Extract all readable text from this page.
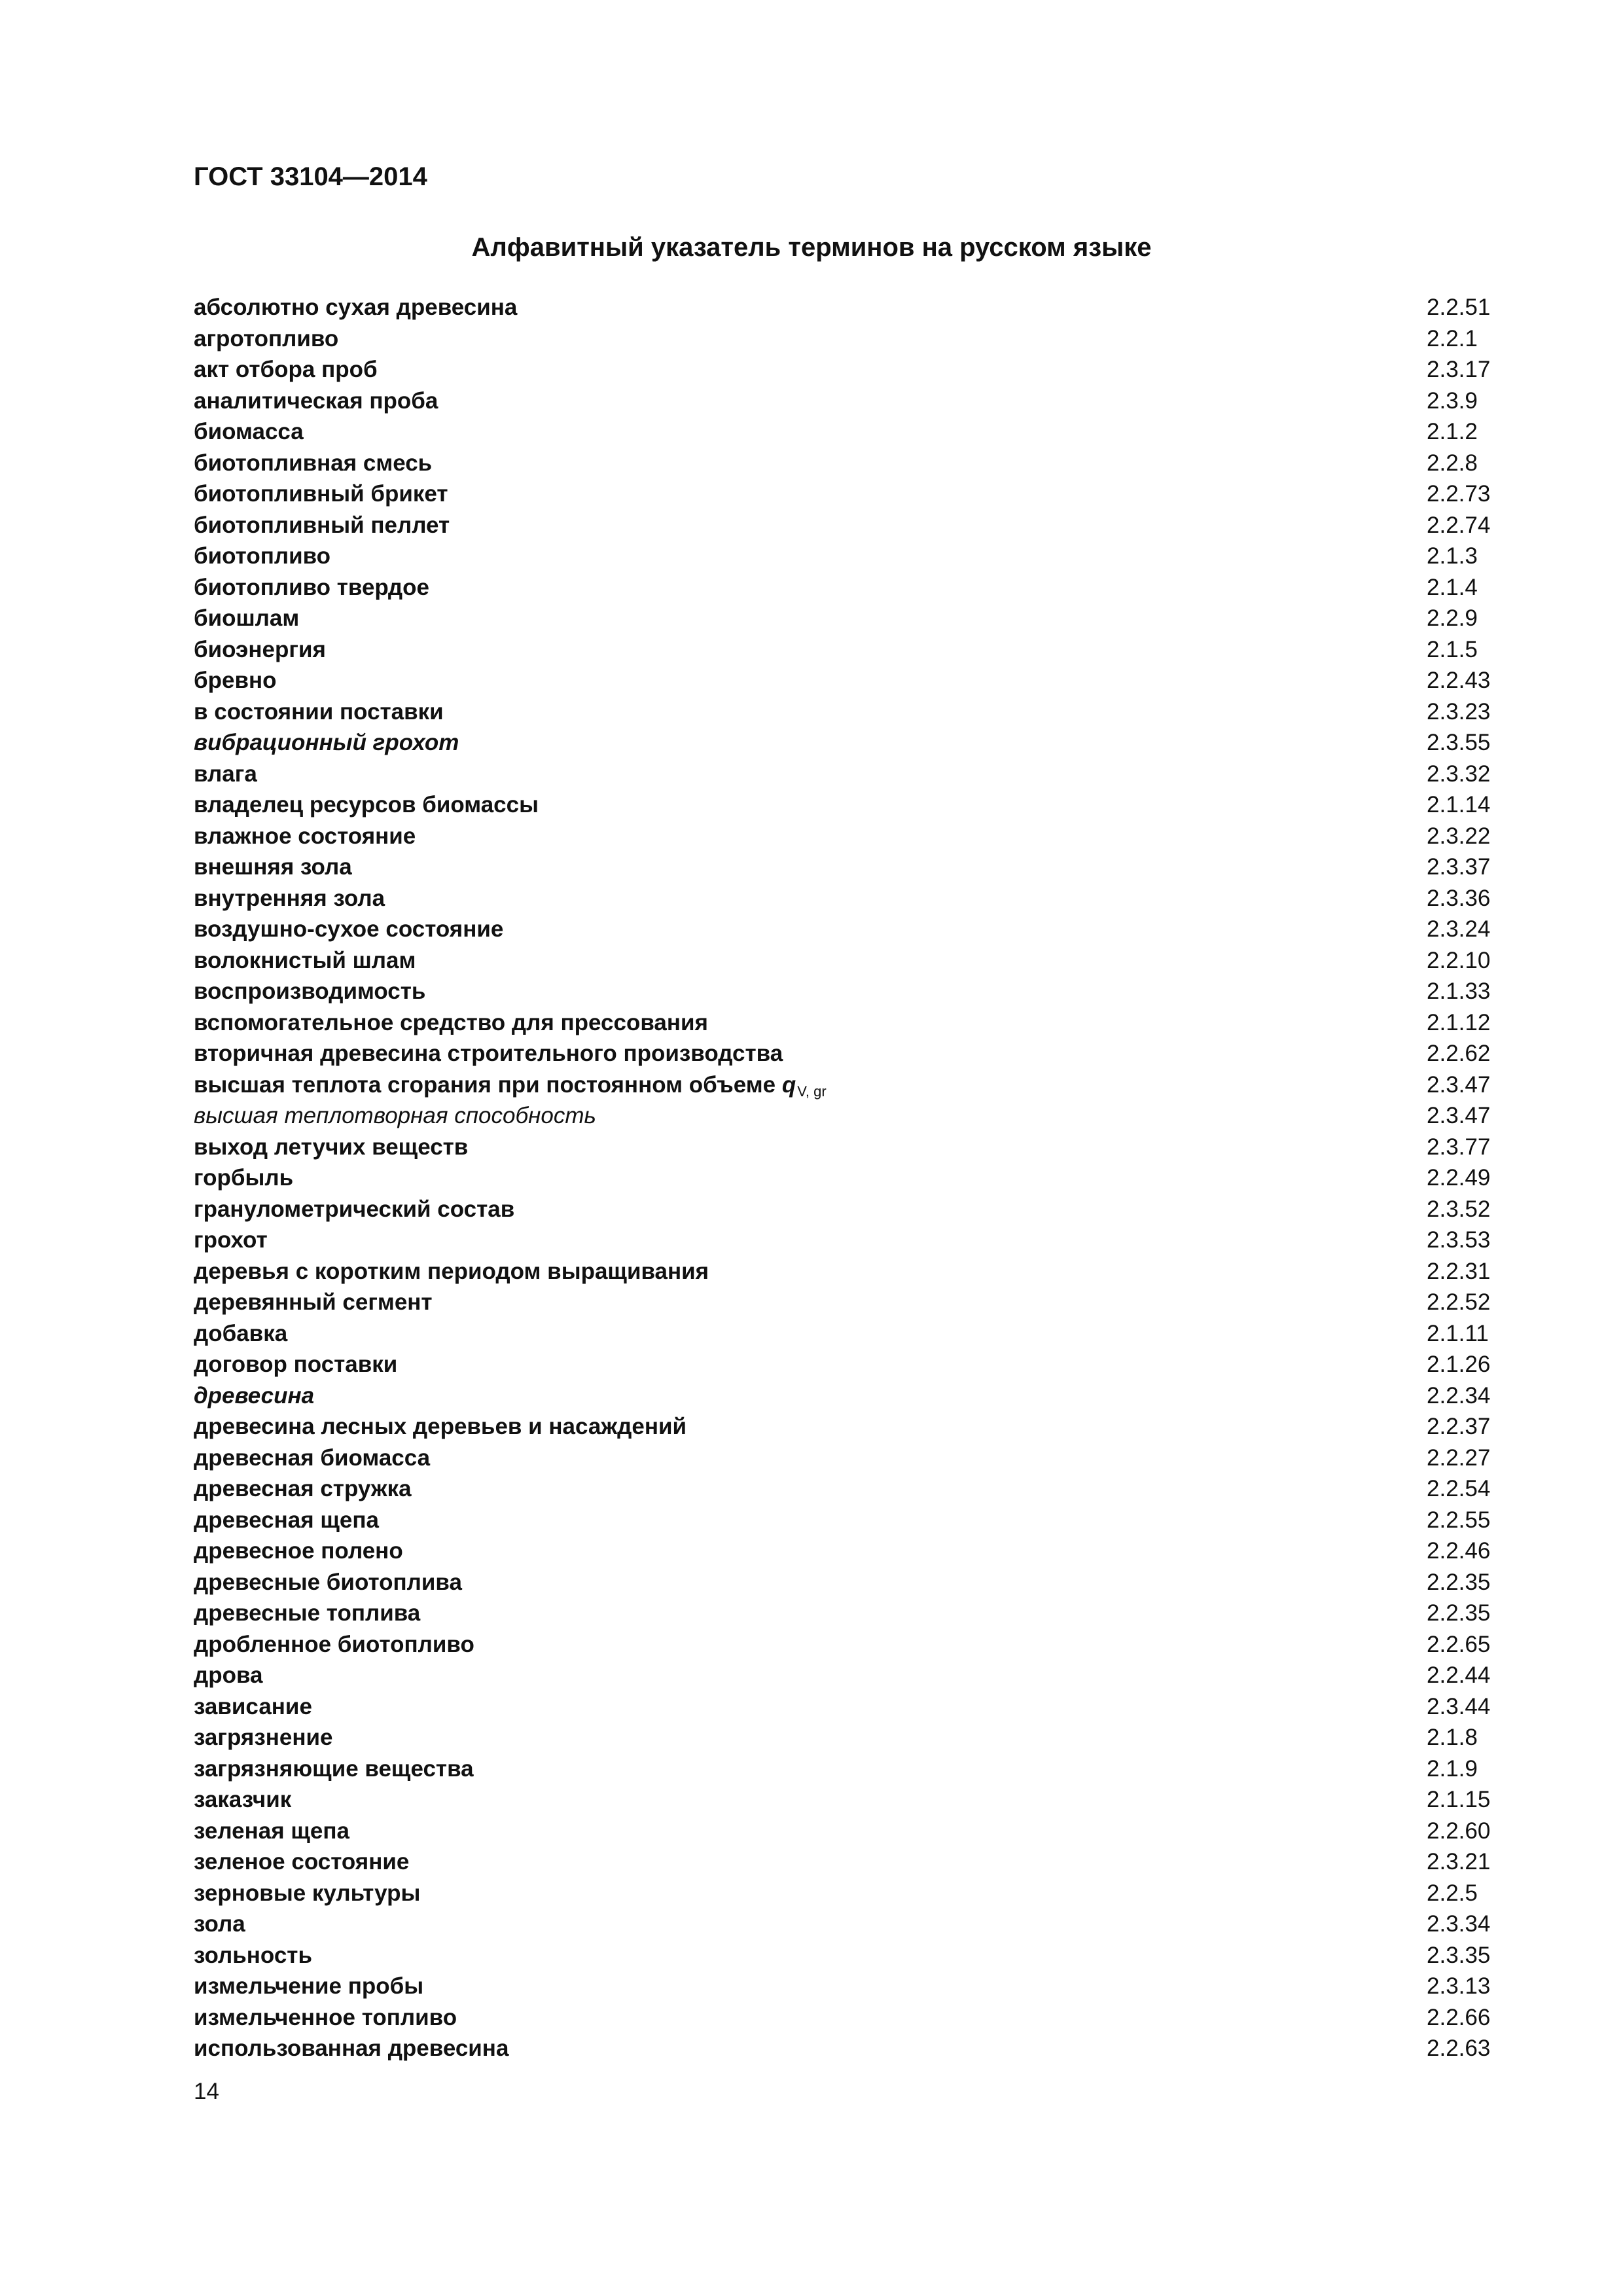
ГОСТ 33104—2014
Алфавитный указатель терминов на русском языке
абсолютно сухая древесина	2.2.51
агротопливо	2.2.1
акт отбора проб	2.3.17
аналитическая проба	2.3.9
биомасса	2.1.2
биотопливная смесь	2.2.8
биотопливный брикет	2.2.73
биотопливный пеллет	2.2.74
биотопливо	2.1.3
биотопливо твердое	2.1.4
биошлам	2.2.9
биоэнергия	2.1.5
бревно	2.2.43
в состоянии поставки	2.3.23
вибрационный грохот	2.3.55
влага	2.3.32
владелец ресурсов биомассы	2.1.14
влажное состояние	2.3.22
внешняя зола	2.3.37
внутренняя зола	2.3.36
воздушно-сухое состояние	2.3.24
волокнистый шлам	2.2.10
воспроизводимость	2.1.33
вспомогательное средство для прессования	2.1.12
вторичная древесина строительного производства	2.2.62
высшая теплота сгорания при постоянном объеме qV, gr	2.3.47
высшая теплотворная способность	2.3.47
выход летучих веществ	2.3.77
горбыль	2.2.49
гранулометрический состав	2.3.52
грохот	2.3.53
деревья с коротким периодом выращивания	2.2.31
деревянный сегмент	2.2.52
добавка	2.1.11
договор поставки	2.1.26
древесина	2.2.34
древесина лесных деревьев и насаждений	2.2.37
древесная биомасса	2.2.27
древесная стружка	2.2.54
древесная щепа	2.2.55
древесное полено	2.2.46
древесные биотоплива	2.2.35
древесные топлива	2.2.35
дробленное биотопливо	2.2.65
дрова	2.2.44
зависание	2.3.44
загрязнение	2.1.8
загрязняющие вещества	2.1.9
заказчик	2.1.15
зеленая щепа	2.2.60
зеленое состояние	2.3.21
зерновые культуры	2.2.5
зола	2.3.34
зольность	2.3.35
измельчение пробы	2.3.13
измельченное топливо	2.2.66
использованная древесина	2.2.63
14
